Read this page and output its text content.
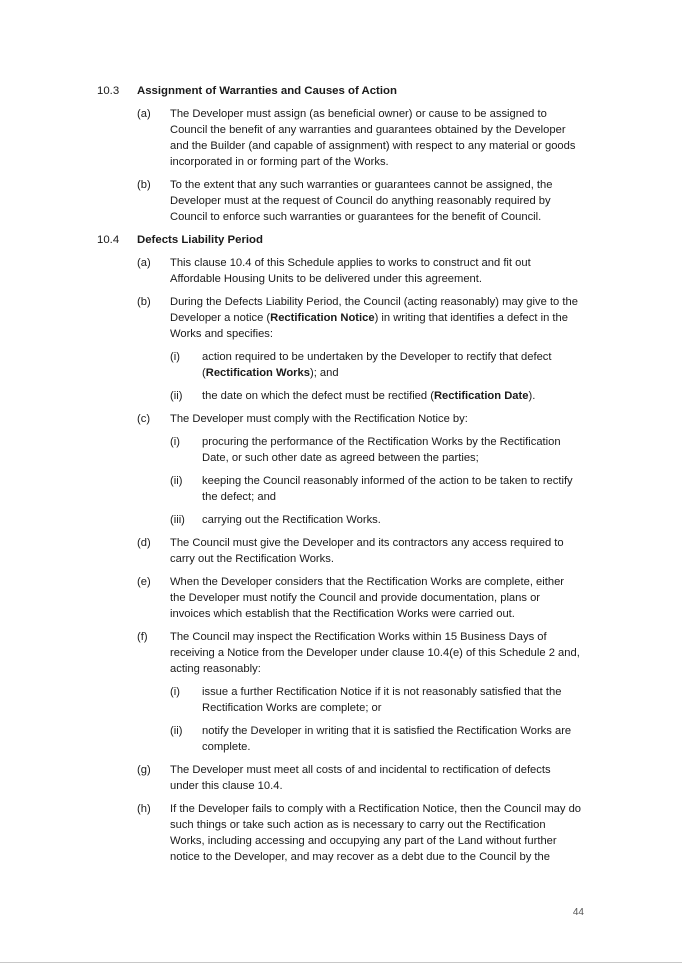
10.3	Assignment of Warranties and Causes of Action
(a) The Developer must assign (as beneficial owner) or cause to be assigned to Council the benefit of any warranties and guarantees obtained by the Developer and the Builder (and capable of assignment) with respect to any material or goods incorporated in or forming part of the Works.
(b) To the extent that any such warranties or guarantees cannot be assigned, the Developer must at the request of Council do anything reasonably required by Council to enforce such warranties or guarantees for the benefit of Council.
10.4	Defects Liability Period
(a) This clause 10.4 of this Schedule applies to works to construct and fit out Affordable Housing Units to be delivered under this agreement.
(b) During the Defects Liability Period, the Council (acting reasonably) may give to the Developer a notice (Rectification Notice) in writing that identifies a defect in the Works and specifies:
(i) action required to be undertaken by the Developer to rectify that defect (Rectification Works); and
(ii) the date on which the defect must be rectified (Rectification Date).
(c) The Developer must comply with the Rectification Notice by:
(i) procuring the performance of the Rectification Works by the Rectification Date, or such other date as agreed between the parties;
(ii) keeping the Council reasonably informed of the action to be taken to rectify the defect; and
(iii) carrying out the Rectification Works.
(d) The Council must give the Developer and its contractors any access required to carry out the Rectification Works.
(e) When the Developer considers that the Rectification Works are complete, either the Developer must notify the Council and provide documentation, plans or invoices which establish that the Rectification Works were carried out.
(f) The Council may inspect the Rectification Works within 15 Business Days of receiving a Notice from the Developer under clause 10.4(e) of this Schedule 2 and, acting reasonably:
(i) issue a further Rectification Notice if it is not reasonably satisfied that the Rectification Works are complete; or
(ii) notify the Developer in writing that it is satisfied the Rectification Works are complete.
(g) The Developer must meet all costs of and incidental to rectification of defects under this clause 10.4.
(h) If the Developer fails to comply with a Rectification Notice, then the Council may do such things or take such action as is necessary to carry out the Rectification Works, including accessing and occupying any part of the Land without further notice to the Developer, and may recover as a debt due to the Council by the
44
